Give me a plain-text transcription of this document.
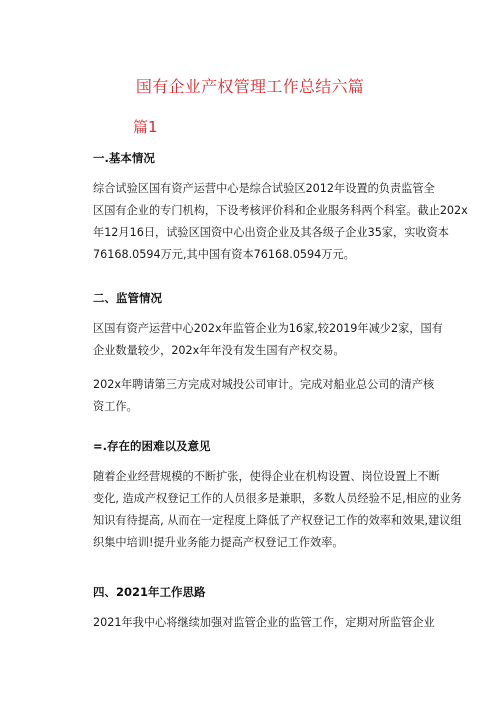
国有企业产权管理工作总结六篇
篇1
一.基本情况
综合试验区国有资产运营中心是综合试验区2012年设置的负责监管全
区国有企业的专门机构，下设考核评价科和企业服务科两个科室。截止202x
年12月16日，试验区国资中心出资企业及其各级子企业35家，实收资本
76168.0594万元,其中国有资本76168.0594万元。
二、监管情况
区国有资产运营中心202x年监管企业为16家,较2019年减少2家，国有
企业数量较少，202x年年没有发生国有产权交易。
202x年聘请第三方完成对城投公司审计。完成对船业总公司的清产核
资工作。
=.存在的困难以及意见
随着企业经营规模的不断扩张，使得企业在机构设置、岗位设置上不断
变化, 造成产权登记工作的人员很多是兼职，多数人员经验不足,相应的业务
知识有待提高, 从而在一定程度上降低了产权登记工作的效率和效果,建议组
织集中培训!提升业务能力提高产权登记工作效率。
四、2021年工作思路
2021年我中心将继续加强对监管企业的监管工作，定期对所监管企业
